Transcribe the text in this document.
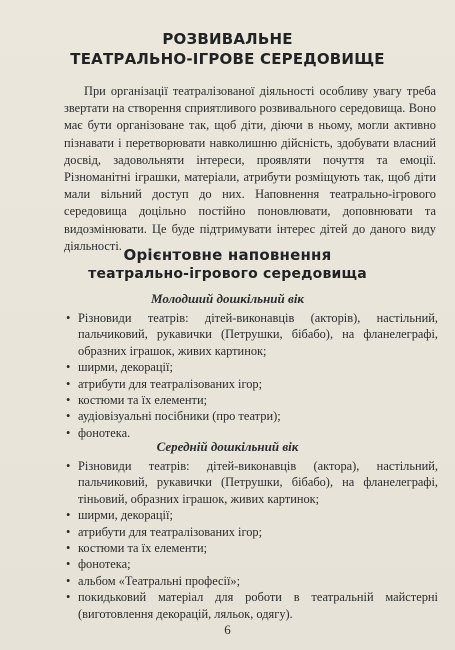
РОЗВИВАЛЬНЕ
ТЕАТРАЛЬНО-ІГРОВЕ СЕРЕДОВИЩЕ

При організації театралізованої діяльності особливу увагу треба звертати на створення сприятливого розвивального середовища. Воно має бути організоване так, щоб діти, діючи в ньому, могли активно пізнавати і перетворювати навколишню дійсність, здобувати власний досвід, задовольняти інтереси, проявляти почуття та емоції. Різноманітні іграшки, матеріали, атрибути розміщують так, щоб діти мали вільний доступ до них. Наповнення театрально-ігрового середовища доцільно постійно поновлювати, доповнювати та видозмінювати. Це буде підтримувати інтерес дітей до даного виду діяльності.

Орієнтовне наповнення
театрально-ігрового середовища
Молодший дошкільний вік
• Різновиди театрів: дітей-виконавців (акторів), настільний, пальчиковий, рукавички (Петрушки, бібабо), на фланелеграфі, образних іграшок, живих картинок;
• ширми, декорації;
• атрибути для театралізованих ігор;
• костюми та їх елементи;
• аудіовізуальні посібники (про театри);
• фонотека.
Середній дошкільний вік
• Різновиди театрів: дітей-виконавців (актора), настільний, пальчиковий, рукавички (Петрушки, бібабо), на фланелеграфі, тіньовий, образних іграшок, живих картинок;
• ширми, декорації;
• атрибути для театралізованих ігор;
• костюми та їх елементи;
• фонотека;
• альбом «Театральні професії»;
• покидьковий матеріал для роботи в театральній майстерні (виготовлення декорацій, ляльок, одягу).
6
